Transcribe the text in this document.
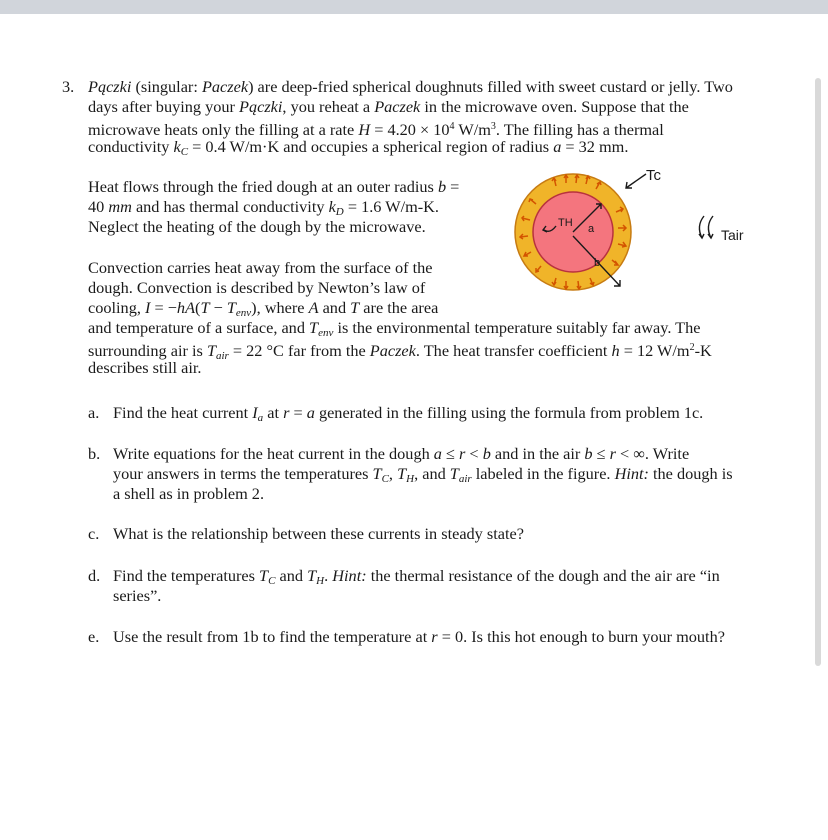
3. Pączki (singular: Paczek) are deep-fried spherical doughnuts filled with sweet custard or jelly. Two
days after buying your Pączki, you reheat a Paczek in the microwave oven. Suppose that the
microwave heats only the filling at a rate $H = 4.20 \times 10^4$ $W/m^3$. The filling has a thermal
conductivity kC = 0.4 W/m·K and occupies a spherical region of radius a = 32 mm.
Heat flows through the fried dough at an outer radius b =
40 mm and has thermal conductivity kD = 1.6 W/m-K.
Neglect the heating of the dough by the microwave.
Convection carries heat away from the surface of the
dough. Convection is described by Newton’s law of
cooling, I = −hA(T − Tenv), where A and T are the area
and temperature of a surface, and Tenv is the environmental temperature suitably far away. The
surrounding air is Tair = 22 °C far from the Paczek. The heat transfer coefficient h = 12 $W/m^2-K$
describes still air.
a. Find the heat current Ia at r = a generated in the filling using the formula from problem 1c.
b. Write equations for the heat current in the dough a ≤ r < b and in the air b ≤ r < ∞. Write
your answers in terms the temperatures TC, TH, and Tair labeled in the figure. Hint: the dough is
a shell as in problem 2.
c. What is the relationship between these currents in steady state?
d. Find the temperatures TC and TH. Hint: the thermal resistance of the dough and the air are “in
series”.
e. Use the result from 1b to find the temperature at r = 0. Is this hot enough to burn your mouth?
TH a
b
Tc
Tair
